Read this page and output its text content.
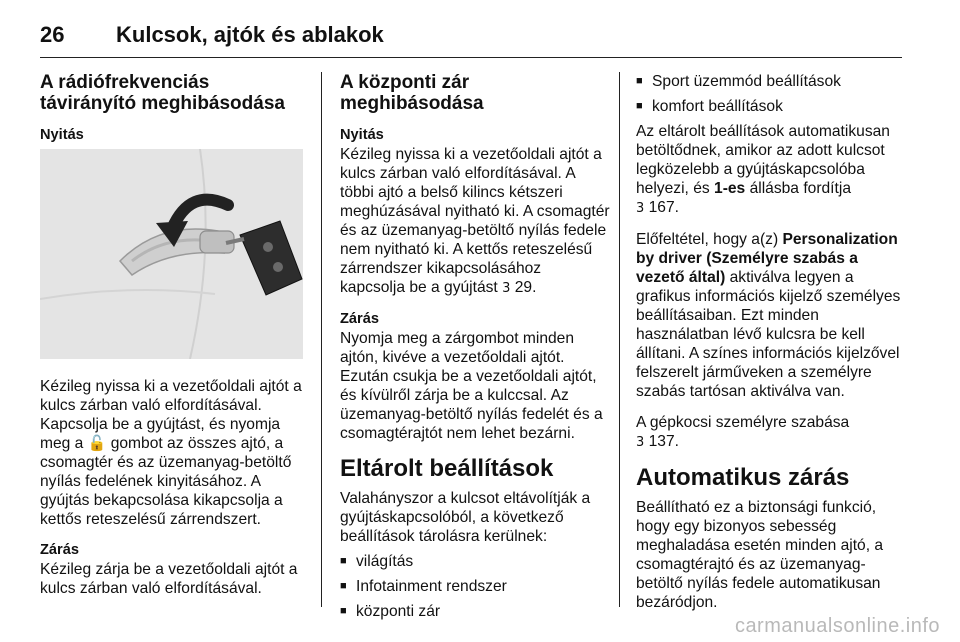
26 Kulcsok, ajtók és ablakok
A rádiófrekvenciás távirányító meghibásodása
Nyitás

Kézileg nyissa ki a vezetőoldali ajtót a kulcs zárban való elfordításával. Kapcsolja be a gyújtást, és nyomja meg a 🔓 gombot az összes ajtó, a csomagtér és az üzemanyag-betöltő nyílás fedelének kinyitásához. A gyújtás bekapcsolása kikapcsolja a kettős reteszelésű zárrendszert.

Zárás

Kézileg zárja be a vezetőoldali ajtót a kulcs zárban való elfordításával.

A központi zár meghibásodása
Nyitás

Kézileg nyissa ki a vezetőoldali ajtót a kulcs zárban való elfordításával. A többi ajtó a belső kilincs kétszeri meghúzásával nyitható ki. A csomagtér és az üzemanyag-betöltő nyílás fedele nem nyitható ki. A kettős reteszelésű zárrendszer kikapcsolásához kapcsolja be a gyújtást 3 29.

Zárás

Nyomja meg a zárgombot minden ajtón, kivéve a vezetőoldali ajtót. Ezután csukja be a vezetőoldali ajtót, és kívülről zárja be a kulccsal. Az üzemanyag-betöltő nyílás fedelét és a csomagtérajtót nem lehet bezárni.

Eltárolt beállítások

Valahányszor a kulcsot eltávolítják a gyújtáskapcsolóból, a következő beállítások tárolásra kerülnek:

■ világítás
■ Infotainment rendszer
■ központi zár
■ Sport üzemmód beállítások
■ komfort beállítások

Az eltárolt beállítások automatikusan betöltődnek, amikor az adott kulcsot legközelebb a gyújtáskapcsolóba helyezi, és 1-es állásba fordítja
3 167.

Előfeltétel, hogy a(z) Personalization by driver (Személyre szabás a vezető által) aktiválva legyen a grafikus információs kijelző személyes beállításaiban. Ezt minden használatban lévő kulcsra be kell állítani. A színes információs kijelzővel felszerelt járműveken a személyre szabás tartósan aktiválva van.

A gépkocsi személyre szabása
3 137.

Automatikus zárás

Beállítható ez a biztonsági funkció, hogy egy bizonyos sebesség meghaladása esetén minden ajtó, a csomagtérajtó és az üzemanyag-betöltő nyílás fedele automatikusan bezáródjon.

carmanualsonline.info
